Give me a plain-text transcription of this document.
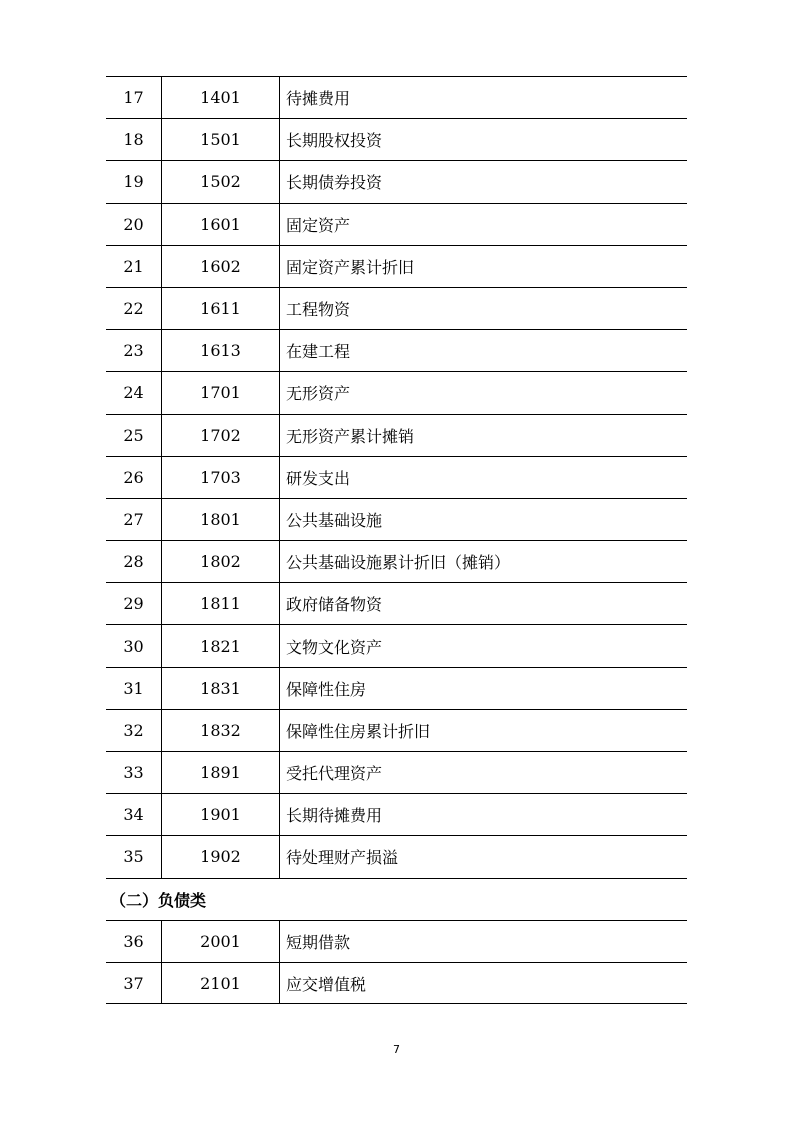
17	1401	待摊费用
18	1501	长期股权投资
19	1502	长期债券投资
20	1601	固定资产
21	1602	固定资产累计折旧
22	1611	工程物资
23	1613	在建工程
24	1701	无形资产
25	1702	无形资产累计摊销
26	1703	研发支出
27	1801	公共基础设施
28	1802	公共基础设施累计折旧（摊销）
29	1811	政府储备物资
30	1821	文物文化资产
31	1831	保障性住房
32	1832	保障性住房累计折旧
33	1891	受托代理资产
34	1901	长期待摊费用
35	1902	待处理财产损溢
（二）负债类
36	2001	短期借款
37	2101	应交增值税
7
